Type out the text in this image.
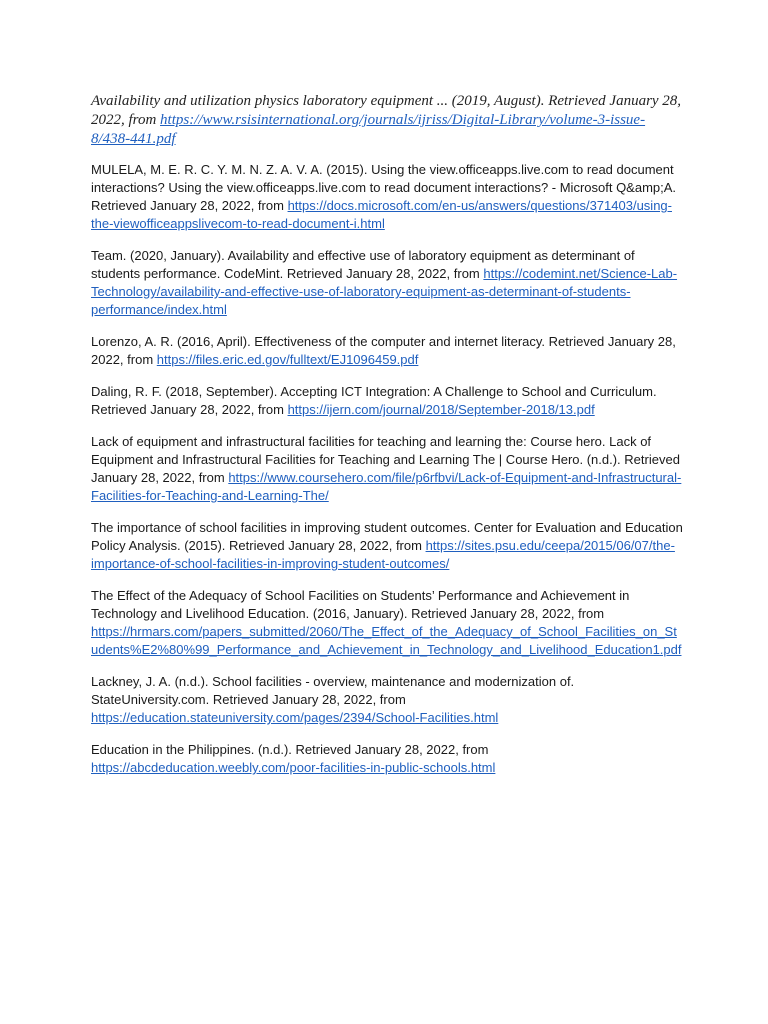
Availability and utilization physics laboratory equipment ... (2019, August). Retrieved January 28, 2022, from https://www.rsisinternational.org/journals/ijriss/Digital-Library/volume-3-issue-8/438-441.pdf

MULELA, M. E. R. C. Y. M. N. Z. A. V. A. (2015). Using the view.officeapps.live.com to read document interactions? Using the view.officeapps.live.com to read document interactions? - Microsoft Q&amp;A. Retrieved January 28, 2022, from https://docs.microsoft.com/en-us/answers/questions/371403/using-the-viewofficeappslivecom-to-read-document-i.html

Team. (2020, January). Availability and effective use of laboratory equipment as determinant of students performance. CodeMint. Retrieved January 28, 2022, from https://codemint.net/Science-Lab-Technology/availability-and-effective-use-of-laboratory-equipment-as-determinant-of-students-performance/index.html

Lorenzo, A. R. (2016, April). Effectiveness of the computer and internet literacy. Retrieved January 28, 2022, from https://files.eric.ed.gov/fulltext/EJ1096459.pdf

Daling, R. F. (2018, September). Accepting ICT Integration: A Challenge to School and Curriculum. Retrieved January 28, 2022, from https://ijern.com/journal/2018/September-2018/13.pdf

Lack of equipment and infrastructural facilities for teaching and learning the: Course hero. Lack of Equipment and Infrastructural Facilities for Teaching and Learning The | Course Hero. (n.d.). Retrieved January 28, 2022, from https://www.coursehero.com/file/p6rfbvi/Lack-of-Equipment-and-Infrastructural-Facilities-for-Teaching-and-Learning-The/

The importance of school facilities in improving student outcomes. Center for Evaluation and Education Policy Analysis. (2015). Retrieved January 28, 2022, from https://sites.psu.edu/ceepa/2015/06/07/the-importance-of-school-facilities-in-improving-student-outcomes/

The Effect of the Adequacy of School Facilities on Students’ Performance and Achievement in Technology and Livelihood Education. (2016, January). Retrieved January 28, 2022, from https://hrmars.com/papers_submitted/2060/The_Effect_of_the_Adequacy_of_School_Facilities_on_Students%E2%80%99_Performance_and_Achievement_in_Technology_and_Livelihood_Education1.pdf

Lackney, J. A. (n.d.). School facilities - overview, maintenance and modernization of. StateUniversity.com. Retrieved January 28, 2022, from https://education.stateuniversity.com/pages/2394/School-Facilities.html

Education in the Philippines. (n.d.). Retrieved January 28, 2022, from https://abcdeducation.weebly.com/poor-facilities-in-public-schools.html
